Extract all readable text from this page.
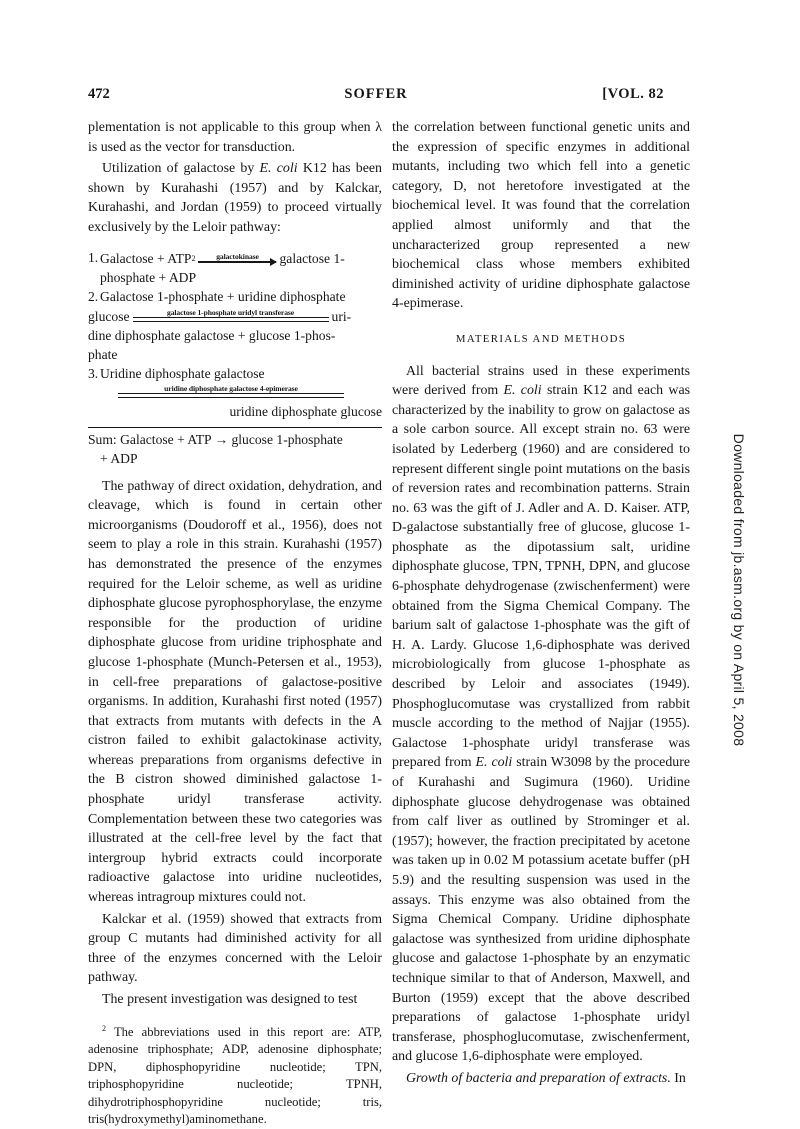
472	SOFFER	[VOL. 82

plementation is not applicable to this group when λ is used as the vector for transduction.

Utilization of galactose by E. coli K12 has been shown by Kurahashi (1957) and by Kalckar, Kurahashi, and Jordan (1959) to proceed virtually exclusively by the Leloir pathway:

1. Galactose + ATP 2	galactokinase	galactose 1-
phosphate + ADP
2. Galactose 1-phosphate + uridine diphosphate
glucose	galactose 1-phosphate uridyl transferase	uri-
dine diphosphate galactose + glucose 1-phos-
phate
3. Uridine diphosphate galactose
uridine diphosphate galactose 4-epimerase
uridine diphosphate glucose
Sum: Galactose + ATP → glucose 1-phosphate
+ ADP

The pathway of direct oxidation, dehydration, and cleavage, which is found in certain other microorganisms (Doudoroff et al., 1956), does not seem to play a role in this strain. Kurahashi (1957) has demonstrated the presence of the enzymes required for the Leloir scheme, as well as uridine diphosphate glucose pyrophosphorylase, the enzyme responsible for the production of uridine diphosphate glucose from uridine triphosphate and glucose 1-phosphate (Munch-Petersen et al., 1953), in cell-free preparations of galactose-positive organisms. In addition, Kurahashi first noted (1957) that extracts from mutants with defects in the A cistron failed to exhibit galactokinase activity, whereas preparations from organisms defective in the B cistron showed diminished galactose 1-phosphate uridyl transferase activity. Complementation between these two categories was illustrated at the cell-free level by the fact that intergroup hybrid extracts could incorporate radioactive galactose into uridine nucleotides, whereas intragroup mixtures could not.

Kalckar et al. (1959) showed that extracts from group C mutants had diminished activity for all three of the enzymes concerned with the Leloir pathway.

The present investigation was designed to test

$^2$ The abbreviations used in this report are: ATP, adenosine triphosphate; ADP, adenosine diphosphate; DPN, diphosphopyridine nucleotide; TPN, triphosphopyridine nucleotide; TPNH, dihydrotriphosphopyridine nucleotide; tris, tris(hydroxymethyl)aminomethane.

the correlation between functional genetic units and the expression of specific enzymes in additional mutants, including two which fell into a genetic category, D, not heretofore investigated at the biochemical level. It was found that the correlation applied almost uniformly and that the uncharacterized group represented a new biochemical class whose members exhibited diminished activity of uridine diphosphate galactose 4-epimerase.

MATERIALS AND METHODS

All bacterial strains used in these experiments were derived from E. coli strain K12 and each was characterized by the inability to grow on galactose as a sole carbon source. All except strain no. 63 were isolated by Lederberg (1960) and are considered to represent different single point mutations on the basis of reversion rates and recombination patterns. Strain no. 63 was the gift of J. Adler and A. D. Kaiser. ATP, D-galactose substantially free of glucose, glucose 1-phosphate as the dipotassium salt, uridine diphosphate glucose, TPN, TPNH, DPN, and glucose 6-phosphate dehydrogenase (zwischenferment) were obtained from the Sigma Chemical Company. The barium salt of galactose 1-phosphate was the gift of H. A. Lardy. Glucose 1,6-diphosphate was derived microbiologically from glucose 1-phosphate as described by Leloir and associates (1949). Phosphoglucomutase was crystallized from rabbit muscle according to the method of Najjar (1955). Galactose 1-phosphate uridyl transferase was prepared from E. coli strain W3098 by the procedure of Kurahashi and Sugimura (1960). Uridine diphosphate glucose dehydrogenase was obtained from calf liver as outlined by Strominger et al. (1957); however, the fraction precipitated by acetone was taken up in 0.02 M potassium acetate buffer (pH 5.9) and the resulting suspension was used in the assays. This enzyme was also obtained from the Sigma Chemical Company. Uridine diphosphate galactose was synthesized from uridine diphosphate glucose and galactose 1-phosphate by an enzymatic technique similar to that of Anderson, Maxwell, and Burton (1959) except that the above described preparations of galactose 1-phosphate uridyl transferase, phosphoglucomutase, zwischenferment, and glucose 1,6-diphosphate were employed.

Growth of bacteria and preparation of extracts. In

Downloaded from jb.asm.org by on April 5, 2008
